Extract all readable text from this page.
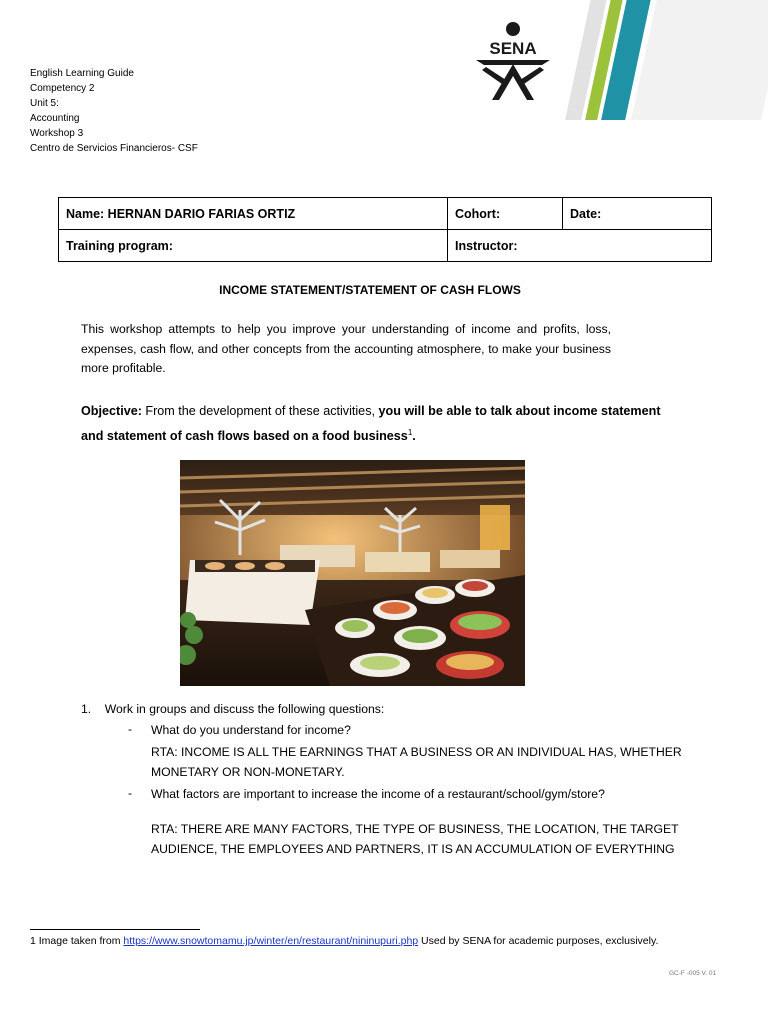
SENA
English Learning Guide
Competency 2
Unit 5:
Accounting
Workshop 3
Centro de Servicios Financieros- CSF
Name: HERNAN DARIO FARIAS ORTIZ	Cohort:	Date:
Training program:	Instructor:	
INCOME STATEMENT/STATEMENT OF CASH FLOWS
This workshop attempts to help you improve your understanding of income and profits, loss, expenses, cash flow, and other concepts from the accounting atmosphere, to make your business more profitable.
Objective: From the development of these activities, you will be able to talk about income statement and statement of cash flows based on a food business$^1$.
1. Work in groups and discuss the following questions:
- What do you understand for income?
RTA: INCOME IS ALL THE EARNINGS THAT A BUSINESS OR AN INDIVIDUAL HAS, WHETHER
MONETARY OR NON-MONETARY.
- What factors are important to increase the income of a restaurant/school/gym/store?
RTA: THERE ARE MANY FACTORS, THE TYPE OF BUSINESS, THE LOCATION, THE TARGET
AUDIENCE, THE EMPLOYEES AND PARTNERS, IT IS AN ACCUMULATION OF EVERYTHING
1 Image taken from https://www.snowtomamu.jp/winter/en/restaurant/nininupuri.php Used by SENA for academic purposes, exclusively.
GC-F -005 V. 01
